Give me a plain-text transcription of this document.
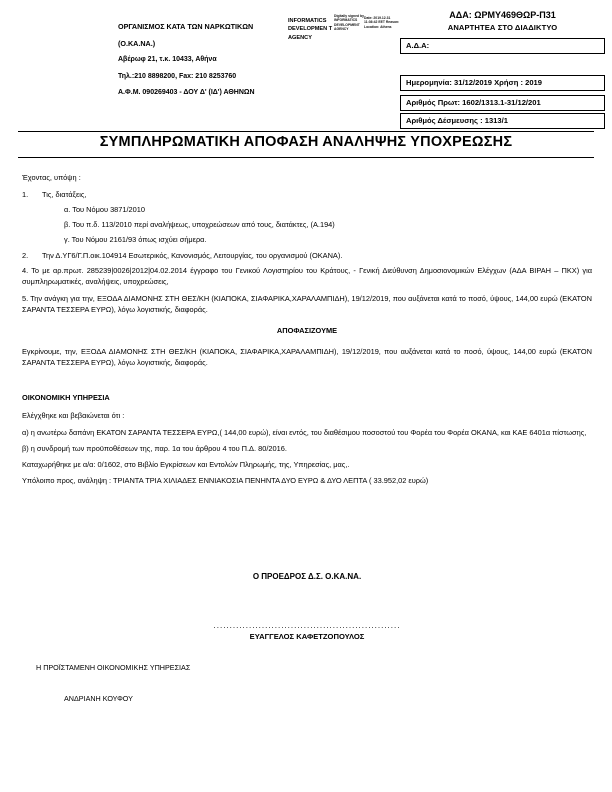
ΟΡΓΑΝΙΣΜΟΣ ΚΑΤΑ ΤΩΝ ΝΑΡΚΩΤΙΚΩΝ
(Ο.ΚΑ.ΝΑ.)
Αβέρωφ 21, τ.κ. 10433, Αθήνα
Τηλ.:210 8898200, Fax: 210 8253760
Α.Φ.Μ. 090269403 - ΔΟΥ Δ' (ΙΔ') ΑΘΗΝΩΝ
INFORMATICS DEVELOPMEN T AGENCY
Digitally signed by INFORMATICS DEVELOPMENT AGENCY
Date: 2019.12.31 11:36:42 EET Reason: Location: Athens
ΑΔΑ: ΩΡΜΥ469ΘΩΡ-Π31
ΑΝΑΡΤΗΤΕΑ ΣΤΟ ΔΙΑΔΙΚΤΥΟ
Α.Δ.Α:
Ημερομηνία: 31/12/2019 Χρήση : 2019
Αριθμός Πρωτ: 1602/1313.1-31/12/201
Αριθμός Δέσμευσης : 1313/1
ΣΥΜΠΛΗΡΩΜΑΤΙΚΗ ΑΠΟΦΑΣΗ ΑΝΑΛΗΨΗΣ ΥΠΟΧΡΕΩΣΗΣ
Έχοντας, υπόψη :
1. Τις, διατάξεις,
α. Του Νόμου 3871/2010
β. Του π.δ. 113/2010 περί αναλήψεως, υποχρεώσεων από τους, διατάκτες, (Α.194)
γ. Του Νόμου 2161/93 όπως ισχύει σήμερα.
2. Την Δ.ΥΓ6/Γ.Π.οικ.104914 Εσωτερικός, Κανονισμός, Λειτουργίας, του οργανισμού (ΟΚΑΝΑ).
4. Το με αρ.πρωτ. 285239|0026|2012|04.02.2014 έγγραφο του Γενικού Λογιστηρίου του Κράτους, - Γενική Διεύθυνση Δημοσιονομικών Ελέγχων (ΑΔΑ ΒΙΡΑΗ – ΠΚΧ) για συμπληρωματικές, αναλήψεις, υποχρεώσεις,
5. Την ανάγκη για την, ΕΞΟΔΑ ΔΙΑΜΟΝΗΣ ΣΤΗ ΘΕΣ/ΚΗ (ΚΙΑΠΟΚΑ, ΣΙΑΦΑΡΙΚΑ,ΧΑΡΑΛΑΜΠΙΔΗ), 19/12/2019, που αυξάνεται κατά το ποσό, ύψους, 144,00 ευρώ (ΕΚΑΤΟΝ ΣΑΡΑΝΤΑ ΤΕΣΣΕΡΑ ΕΥΡΩ), λόγω λογιστικής, διαφοράς.
ΑΠΟΦΑΣΙΖΟΥΜΕ
Εγκρίνουμε, την, ΕΞΟΔΑ ΔΙΑΜΟΝΗΣ ΣΤΗ ΘΕΣ/ΚΗ (ΚΙΑΠΟΚΑ, ΣΙΑΦΑΡΙΚΑ,ΧΑΡΑΛΑΜΠΙΔΗ), 19/12/2019, που αυξάνεται κατά το ποσό, ύψους, 144,00 ευρώ (ΕΚΑΤΟΝ ΣΑΡΑΝΤΑ ΤΕΣΣΕΡΑ ΕΥΡΩ), λόγω λογιστικής, διαφοράς.
ΟΙΚΟΝΟΜΙΚΗ ΥΠΗΡΕΣΙΑ
Ελέγχθηκε και βεβαιώνεται ότι :
α) η ανωτέρω δαπάνη ΕΚΑΤΟΝ ΣΑΡΑΝΤΑ ΤΕΣΣΕΡΑ ΕΥΡΩ,( 144,00 ευρώ), είναι εντός, του διαθέσιμου ποσοστού του Φορέα του Φορέα ΟΚΑΝΑ, και ΚΑΕ 6401α πίστωσης,
β) η συνδρομή των προϋποθέσεων της, παρ. 1α του άρθρου 4 του Π.Δ. 80/2016.
Καταχωρήθηκε με α/α: 0/1602, στο Βιβλίο Εγκρίσεων και Εντολών Πληρωμής, της, Υπηρεσίας, μας,.
Υπόλοιπο προς, ανάληψη : ΤΡΙΑΝΤΑ ΤΡΙΑ ΧΙΛΙΑΔΕΣ ΕΝΝΙΑΚΟΣΙΑ ΠΕΝΗΝΤΑ ΔΥΟ ΕΥΡΩ & ΔΥΟ ΛΕΠΤΑ ( 33.952,02 ευρώ)
Ο ΠΡΟΕΔΡΟΣ Δ.Σ. Ο.ΚΑ.ΝΑ.
..........................................................
ΕΥΑΓΓΕΛΟΣ ΚΑΦΕΤΖΟΠΟΥΛΟΣ
Η ΠΡΟΪΣΤΑΜΕΝΗ ΟΙΚΟΝΟΜΙΚΗΣ ΥΠΗΡΕΣΙΑΣ
ΑΝΔΡΙΑΝΗ ΚΟΥΦΟΥ
